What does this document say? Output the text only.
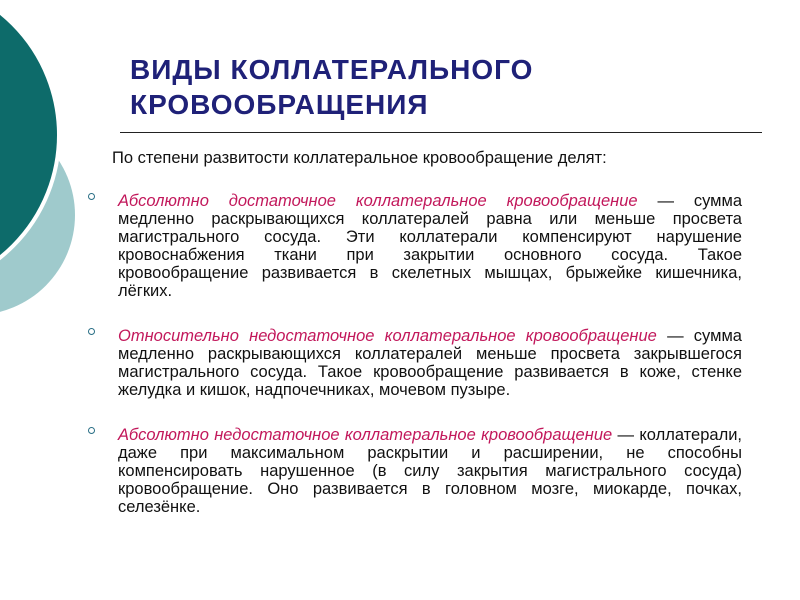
ВИДЫ КОЛЛАТЕРАЛЬНОГО
КРОВООБРАЩЕНИЯ

По степени развитости коллатеральное кровообращение делят:

Абсолютно достаточное коллатеральное кровообращение — сумма
медленно раскрывающихся коллатералей равна или меньше просвета
магистрального сосуда. Эти коллатерали компенсируют нарушение
кровоснабжения ткани при закрытии основного сосуда. Такое
кровообращение развивается в скелетных мышцах, брыжейке кишечника,
лёгких.
Относительно недостаточное коллатеральное кровообращение — сумма
медленно раскрывающихся коллатералей меньше просвета закрывшегося
магистрального сосуда. Такое кровообращение развивается в коже, стенке
желудка и кишок, надпочечниках, мочевом пузыре.
Абсолютно недостаточное коллатеральное кровообращение — коллатерали,
даже при максимальном раскрытии и расширении, не способны
компенсировать нарушенное (в силу закрытия магистрального сосуда)
кровообращение. Оно развивается в головном мозге, миокарде, почках,
селезёнке.
